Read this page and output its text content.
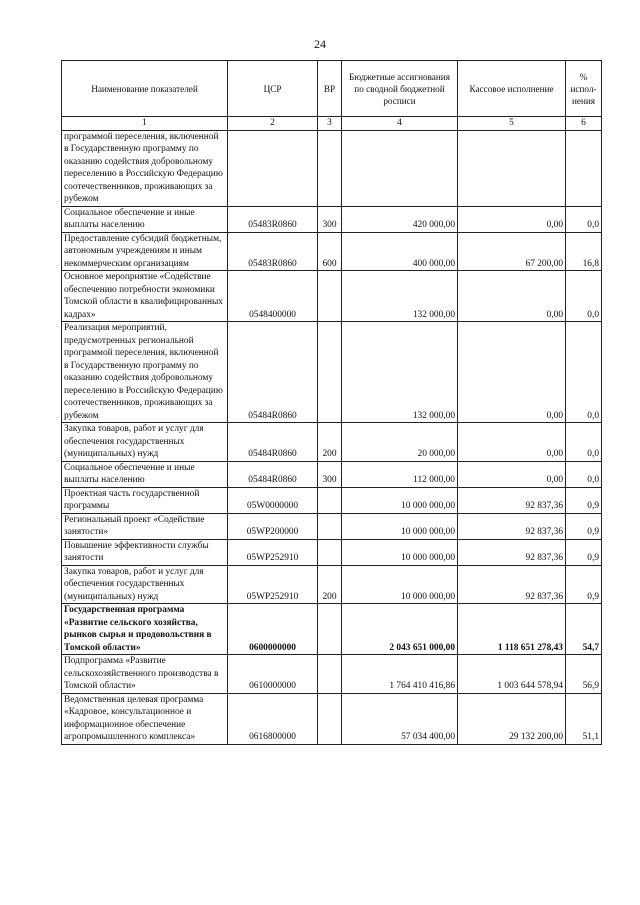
24
Наименование показателей	ЦСР	ВР	Бюджетные ассигнования по сводной бюджетной росписи	Кассовое исполнение	% испол-нения
1	2	3	4	5	6
программой переселения, включенной в Государственную программу по оказанию содействия добровольному переселению в Российскую Федерацию соотечественников, проживающих за рубежом					
Социальное обеспечение и иные выплаты населению	05483R0860	300	420 000,00	0,00	0,0
Предоставление субсидий бюджетным, автономным учреждениям и иным некоммерческим организациям	05483R0860	600	400 000,00	67 200,00	16,8
Основное мероприятие «Содействие обеспечению потребности экономики Томской области в квалифицированных кадрах»	0548400000		132 000,00	0,00	0,0
Реализация мероприятий, предусмотренных региональной программой переселения, включенной в Государственную программу по оказанию содействия добровольному переселению в Российскую Федерацию соотечественников, проживающих за рубежом	05484R0860		132 000,00	0,00	0,0
Закупка товаров, работ и услуг для обеспечения государственных (муниципальных) нужд	05484R0860	200	20 000,00	0,00	0,0
Социальное обеспечение и иные выплаты населению	05484R0860	300	112 000,00	0,00	0,0
Проектная часть государственной программы	05W0000000		10 000 000,00	92 837,36	0,9
Региональный проект «Содействие занятости»	05WP200000		10 000 000,00	92 837,36	0,9
Повышение эффективности службы занятости	05WP252910		10 000 000,00	92 837,36	0,9
Закупка товаров, работ и услуг для обеспечения государственных (муниципальных) нужд	05WP252910	200	10 000 000,00	92 837,36	0,9
Государственная программа «Развитие сельского хозяйства, рынков сырья и продовольствия в Томской области»	0600000000		2 043 651 000,00	1 118 651 278,43	54,7
Подпрограмма «Развитие сельскохозяйственного производства в Томской области»	0610000000		1 764 410 416,86	1 003 644 578,94	56,9
Ведомственная целевая программа «Кадровое, консультационное и информационное обеспечение агропромышленного комплекса»	0616800000		57 034 400,00	29 132 200,00	51,1
